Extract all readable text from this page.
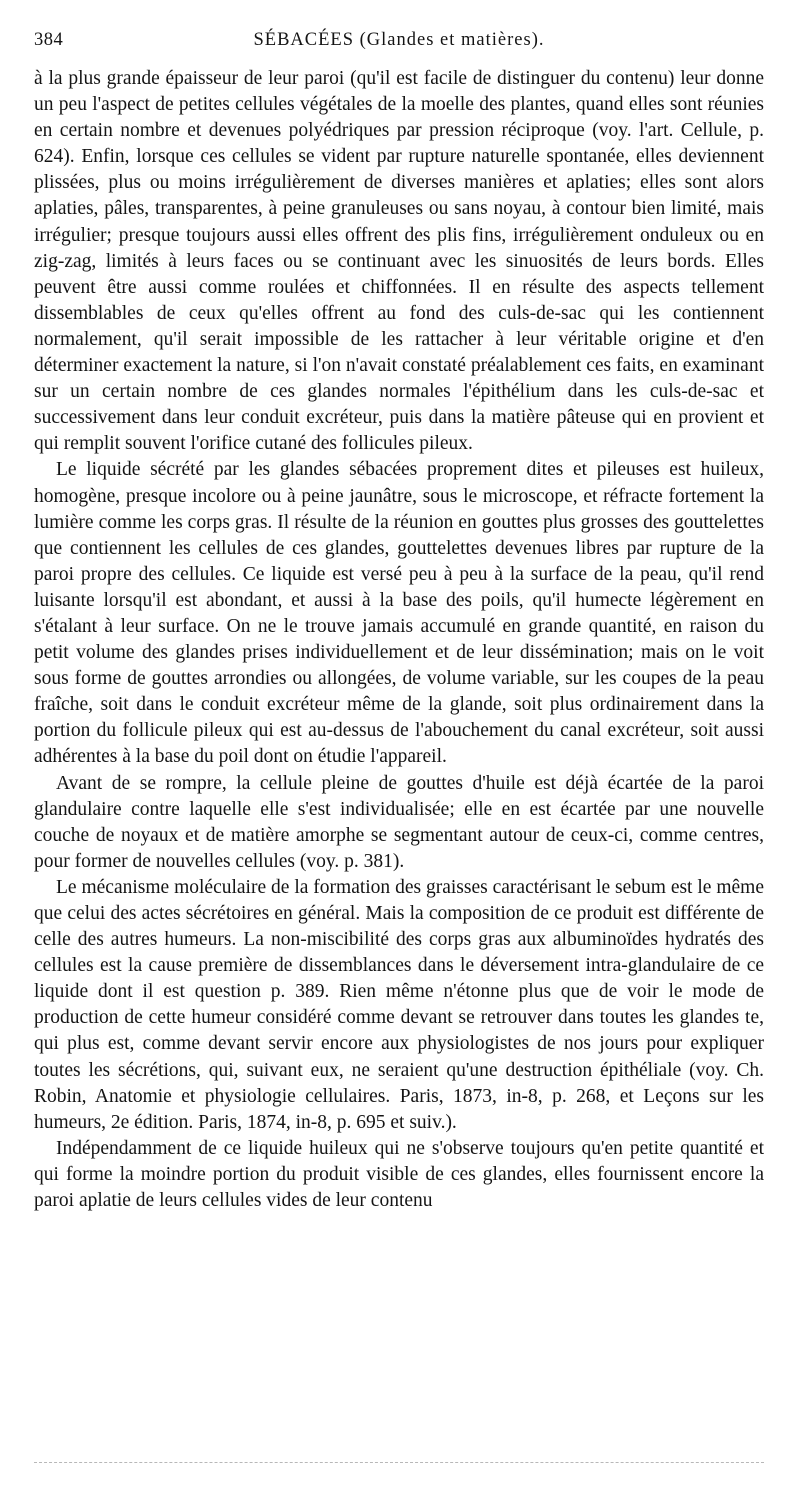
384	SÉBACÉES (Glandes et matières).

à la plus grande épaisseur de leur paroi (qu'il est facile de distinguer du contenu) leur donne un peu l'aspect de petites cellules végétales de la moelle des plantes, quand elles sont réunies en certain nombre et devenues polyédriques par pression réciproque (voy. l'art. Cellule, p. 624). Enfin, lorsque ces cellules se vident par rupture naturelle spontanée, elles deviennent plissées, plus ou moins irrégulièrement de diverses manières et aplaties; elles sont alors aplaties, pâles, transparentes, à peine granuleuses ou sans noyau, à contour bien limité, mais irrégulier; presque toujours aussi elles offrent des plis fins, irrégulièrement onduleux ou en zig-zag, limités à leurs faces ou se continuant avec les sinuosités de leurs bords. Elles peuvent être aussi comme roulées et chiffonnées. Il en résulte des aspects tellement dissemblables de ceux qu'elles offrent au fond des culs-de-sac qui les contiennent normalement, qu'il serait impossible de les rattacher à leur véritable origine et d'en déterminer exactement la nature, si l'on n'avait constaté préalablement ces faits, en examinant sur un certain nombre de ces glandes normales l'épithélium dans les culs-de-sac et successivement dans leur conduit excréteur, puis dans la matière pâteuse qui en provient et qui remplit souvent l'orifice cutané des follicules pileux.

Le liquide sécrété par les glandes sébacées proprement dites et pileuses est huileux, homogène, presque incolore ou à peine jaunâtre, sous le microscope, et réfracte fortement la lumière comme les corps gras. Il résulte de la réunion en gouttes plus grosses des gouttelettes que contiennent les cellules de ces glandes, gouttelettes devenues libres par rupture de la paroi propre des cellules. Ce liquide est versé peu à peu à la surface de la peau, qu'il rend luisante lorsqu'il est abondant, et aussi à la base des poils, qu'il humecte légèrement en s'étalant à leur surface. On ne le trouve jamais accumulé en grande quantité, en raison du petit volume des glandes prises individuellement et de leur dissémination; mais on le voit sous forme de gouttes arrondies ou allongées, de volume variable, sur les coupes de la peau fraîche, soit dans le conduit excréteur même de la glande, soit plus ordinairement dans la portion du follicule pileux qui est au-dessus de l'abouchement du canal excréteur, soit aussi adhérentes à la base du poil dont on étudie l'appareil.

Avant de se rompre, la cellule pleine de gouttes d'huile est déjà écartée de la paroi glandulaire contre laquelle elle s'est individualisée; elle en est écartée par une nouvelle couche de noyaux et de matière amorphe se segmentant autour de ceux-ci, comme centres, pour former de nouvelles cellules (voy. p. 381).

Le mécanisme moléculaire de la formation des graisses caractérisant le sebum est le même que celui des actes sécrétoires en général. Mais la composition de ce produit est différente de celle des autres humeurs. La non-miscibilité des corps gras aux albuminoïdes hydratés des cellules est la cause première de dissemblances dans le déversement intra-glandulaire de ce liquide dont il est question p. 389. Rien même n'étonne plus que de voir le mode de production de cette humeur considéré comme devant se retrouver dans toutes les glandes te, qui plus est, comme devant servir encore aux physiologistes de nos jours pour expliquer toutes les sécrétions, qui, suivant eux, ne seraient qu'une destruction épithéliale (voy. Ch. Robin, Anatomie et physiologie cellulaires. Paris, 1873, in-8, p. 268, et Leçons sur les humeurs, 2e édition. Paris, 1874, in-8, p. 695 et suiv.).

Indépendamment de ce liquide huileux qui ne s'observe toujours qu'en petite quantité et qui forme la moindre portion du produit visible de ces glandes, elles fournissent encore la paroi aplatie de leurs cellules vides de leur contenu
